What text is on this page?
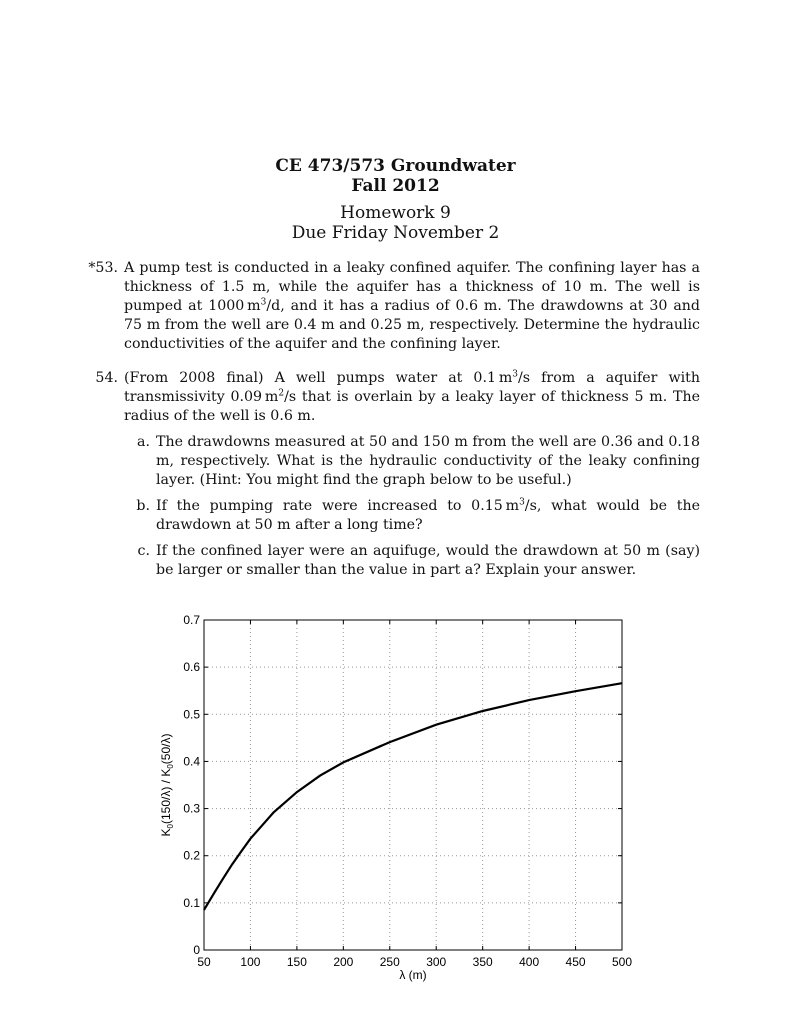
CE 473/573 Groundwater
Fall 2012
Homework 9
Due Friday November 2
*53. A pump test is conducted in a leaky confined aquifer. The confining layer has a thickness of 1.5 m, while the aquifer has a thickness of 10 m. The well is pumped at 1000 $m^3/d$, and it has a radius of 0.6 m. The drawdowns at 30 and 75 m from the well are 0.4 m and 0.25 m, respectively. Determine the hydraulic conductivities of the aquifer and the confining layer.
54. (From 2008 final) A well pumps water at 0.1 $m^3/s$ from a aquifer with transmissivity 0.09 $m^2/s$ that is overlain by a leaky layer of thickness 5 m. The radius of the well is 0.6 m.
a. The drawdowns measured at 50 and 150 m from the well are 0.36 and 0.18 m, respectively. What is the hydraulic conductivity of the leaky confining layer. (Hint: You might find the graph below to be useful.)
b. If the pumping rate were increased to 0.15 $m^3/s$, what would be the drawdown at 50 m after a long time?
c. If the confined layer were an aquifuge, would the drawdown at 50 m (say) be larger or smaller than the value in part a? Explain your answer.
50 100 150 200 250 300 350 400 450 500
0
0.1
0.2
0.3
0.4
0.5
0.6
0.7
λ (m)
$K_0(150/\lambda) / K_0(50/\lambda)$
